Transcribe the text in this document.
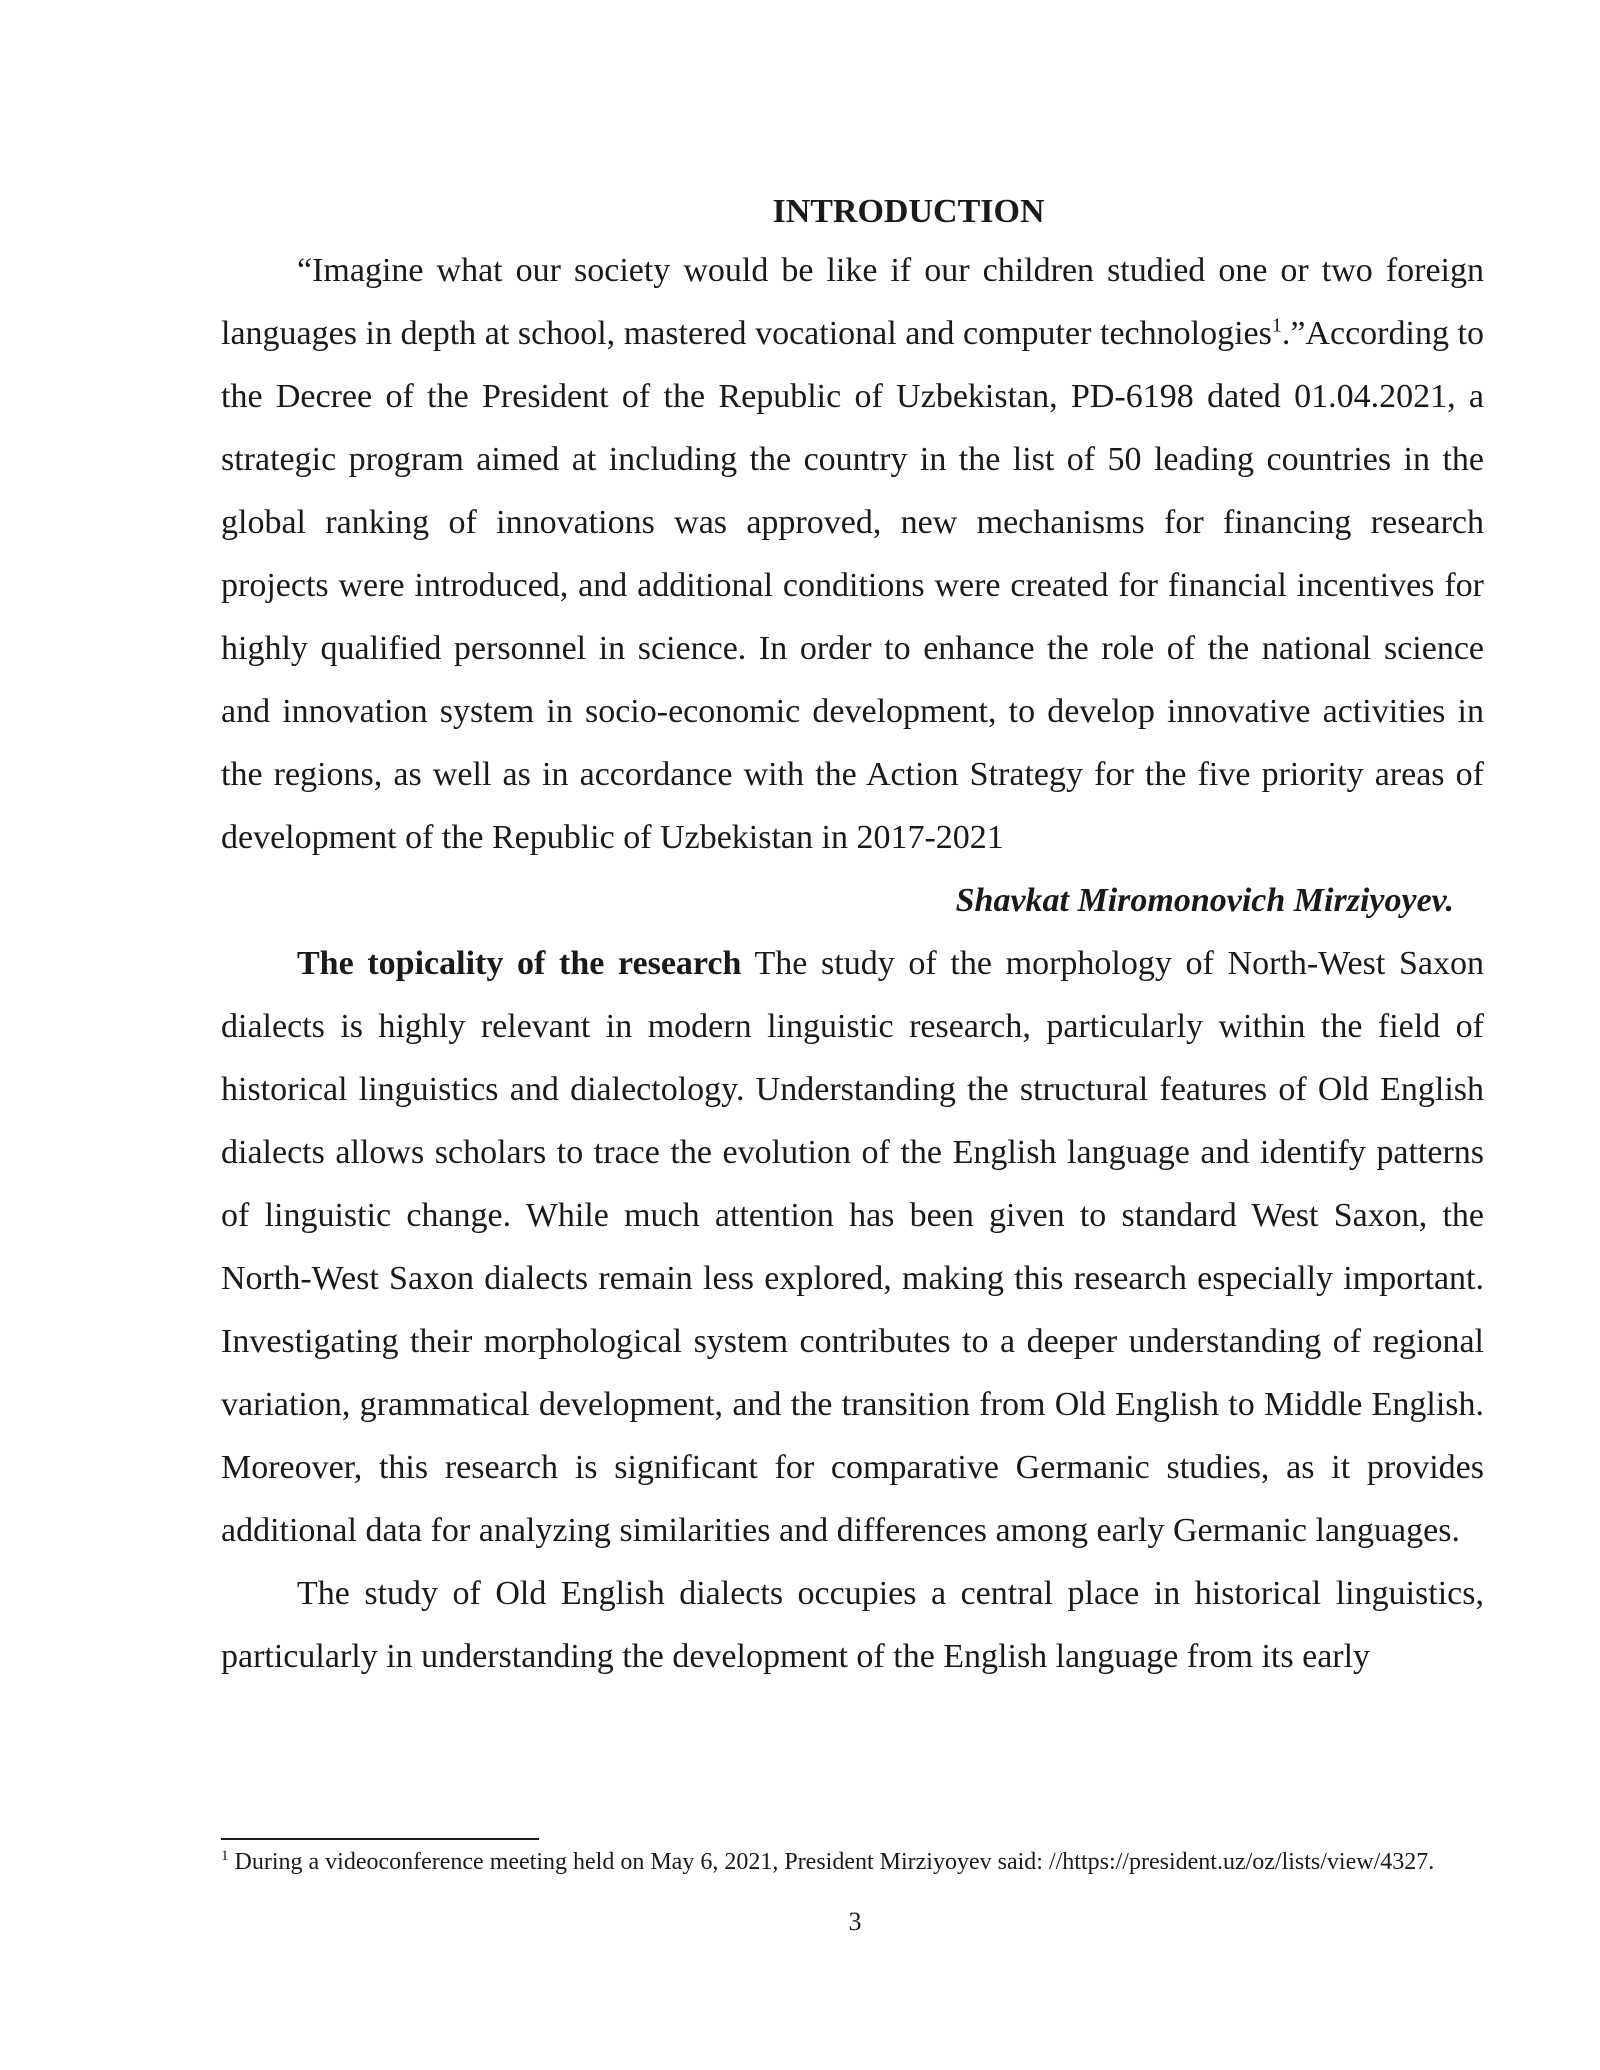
INTRODUCTION

“Imagine what our society would be like if our children studied one or two foreign languages in depth at school, mastered vocational and computer technologies$^1$.”According to the Decree of the President of the Republic of Uzbekistan, PD-6198 dated 01.04.2021, a strategic program aimed at including the country in the list of 50 leading countries in the global ranking of innovations was approved, new mechanisms for financing research projects were introduced, and additional conditions were created for financial incentives for highly qualified personnel in science. In order to enhance the role of the national science and innovation system in socio-economic development, to develop innovative activities in the regions, as well as in accordance with the Action Strategy for the five priority areas of development of the Republic of Uzbekistan in 2017-2021

Shavkat Miromonovich Mirziyoyev.

The topicality of the research The study of the morphology of North-West Saxon dialects is highly relevant in modern linguistic research, particularly within the field of historical linguistics and dialectology. Understanding the structural features of Old English dialects allows scholars to trace the evolution of the English language and identify patterns of linguistic change. While much attention has been given to standard West Saxon, the North-West Saxon dialects remain less explored, making this research especially important. Investigating their morphological system contributes to a deeper understanding of regional variation, grammatical development, and the transition from Old English to Middle English. Moreover, this research is significant for comparative Germanic studies, as it provides additional data for analyzing similarities and differences among early Germanic languages.

The study of Old English dialects occupies a central place in historical linguistics, particularly in understanding the development of the English language from its early

$^1$ During a videoconference meeting held on May 6, 2021, President Mirziyoyev said: //https://president.uz/oz/lists/view/4327.
3
